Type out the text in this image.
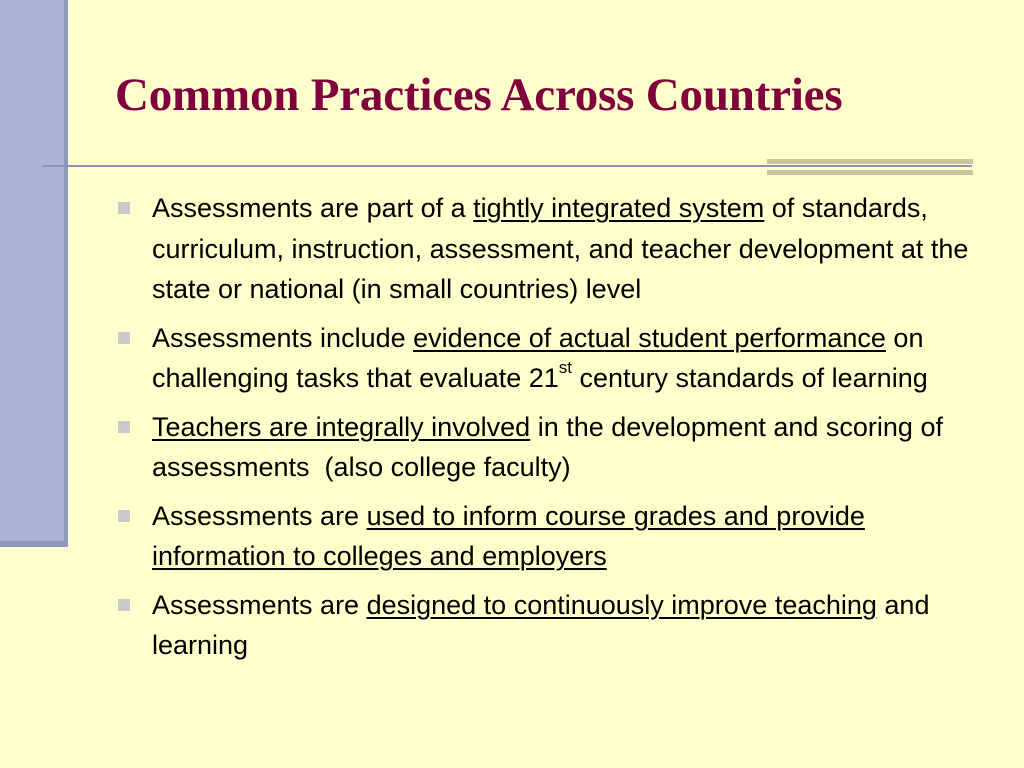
Common Practices Across Countries
Assessments are part of a tightly integrated system of standards, curriculum, instruction, assessment, and teacher development at the state or national (in small countries) level
Assessments include evidence of actual student performance on challenging tasks that evaluate 21st century standards of learning
Teachers are integrally involved in the development and scoring of assessments  (also college faculty)
Assessments are used to inform course grades and provide information to colleges and employers
Assessments are designed to continuously improve teaching and learning
